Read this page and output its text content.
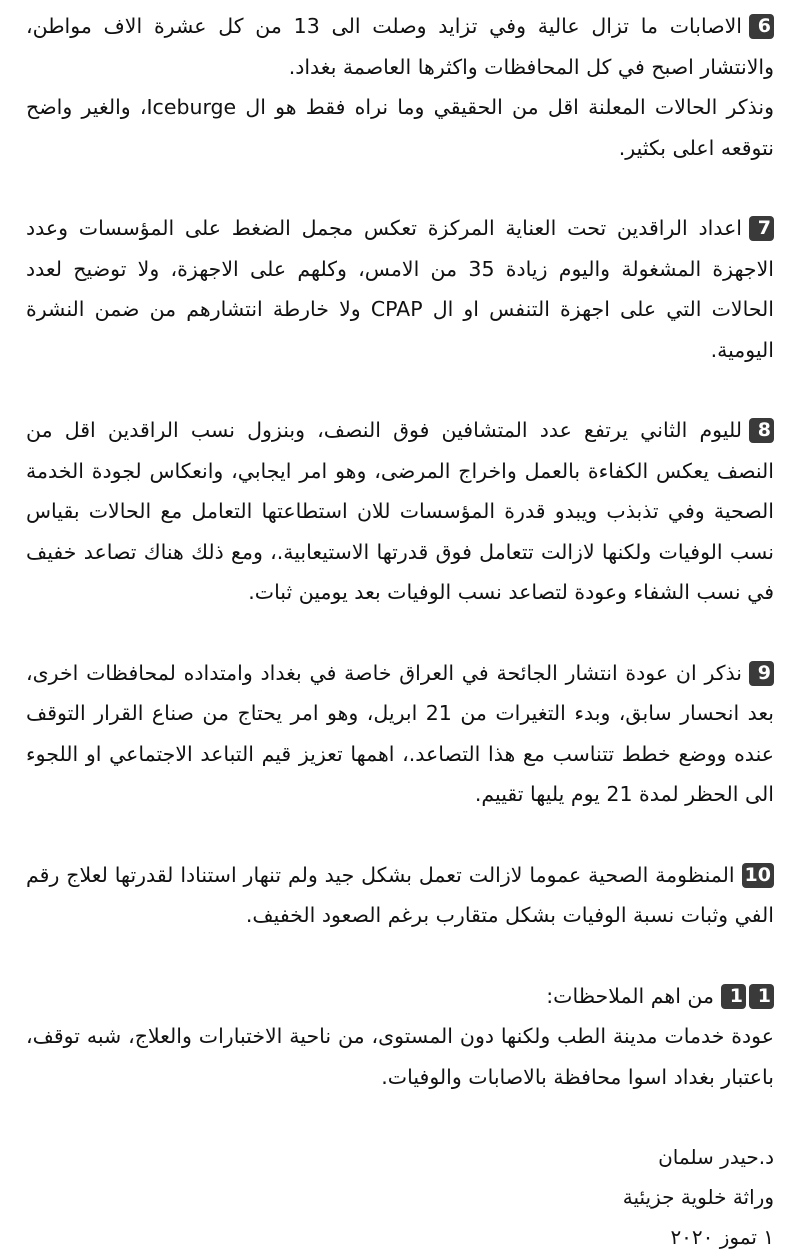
6الاصابات ما تزال عالية وفي تزايد وصلت الى 13 من كل عشرة الاف مواطن، والانتشار اصبح في كل المحافظات واكثرها العاصمة بغداد.

ونذكر الحالات المعلنة اقل من الحقيقي وما نراه فقط هو ال Iceburge، والغير واضح نتوقعه اعلى بكثير.

7اعداد الراقدين تحت العناية المركزة تعكس مجمل الضغط على المؤسسات وعدد الاجهزة المشغولة واليوم زيادة 35 من الامس، وكلهم على الاجهزة، ولا توضيح لعدد الحالات التي على اجهزة التنفس او ال CPAP ولا خارطة انتشارهم من ضمن النشرة اليومية.

8لليوم الثاني يرتفع عدد المتشافين فوق النصف، وبنزول نسب الراقدين اقل من النصف يعكس الكفاءة بالعمل واخراج المرضى، وهو امر ايجابي، وانعكاس لجودة الخدمة الصحية وفي تذبذب ويبدو قدرة المؤسسات للان استطاعتها التعامل مع الحالات بقياس نسب الوفيات ولكنها لازالت تتعامل فوق قدرتها الاستيعابية.، ومع ذلك هناك تصاعد خفيف في نسب الشفاء وعودة لتصاعد نسب الوفيات بعد يومين ثبات.

9نذكر ان عودة انتشار الجائحة في العراق خاصة في بغداد وامتداده لمحافظات اخرى، بعد انحسار سابق، وبدء التغيرات من 21 ابريل، وهو امر يحتاج من صناع القرار التوقف عنده ووضع خطط تتناسب مع هذا التصاعد.، اهمها تعزيز قيم التباعد الاجتماعي او اللجوء الى الحظر لمدة 21 يوم يليها تقييم.

10المنظومة الصحية عموما لازالت تعمل بشكل جيد ولم تنهار استنادا لقدرتها لعلاج رقم الفي وثبات نسبة الوفيات بشكل متقارب برغم الصعود الخفيف.

11من اهم الملاحظات:

عودة خدمات مدينة الطب ولكنها دون المستوى، من ناحية الاختبارات والعلاج، شبه توقف، باعتبار بغداد اسوا محافظة بالاصابات والوفيات.

د.حيدر سلمان
وراثة خلوية جزيئية
١ تموز ٢٠٢٠
